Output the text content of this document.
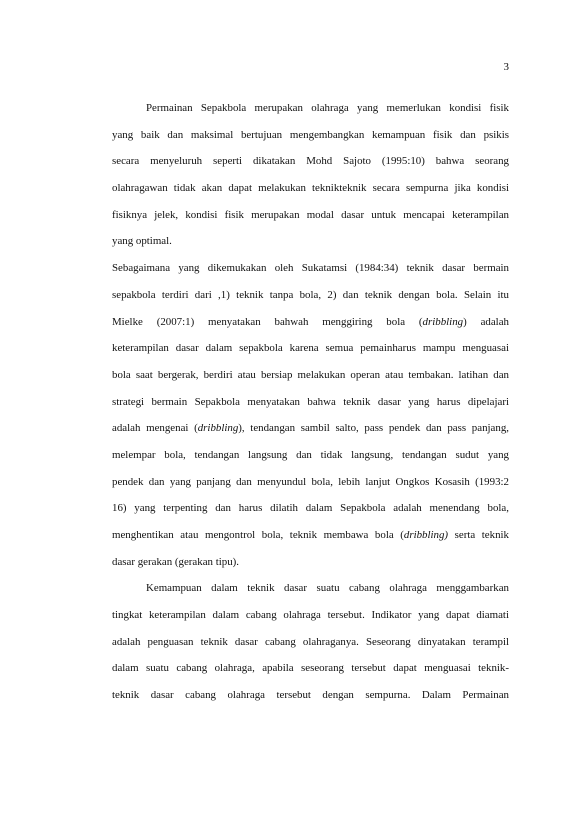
3
Permainan Sepakbola merupakan olahraga yang memerlukan kondisi fisik
yang baik dan maksimal bertujuan mengembangkan kemampuan fisik dan psikis
secara menyeluruh seperti dikatakan Mohd Sajoto (1995:10) bahwa seorang
olahragawan tidak akan dapat melakukan teknikteknik secara sempurna jika kondisi
fisiknya jelek, kondisi fisik merupakan modal dasar untuk mencapai keterampilan
yang optimal.
Sebagaimana yang dikemukakan oleh Sukatamsi (1984:34) teknik dasar bermain
sepakbola terdiri dari ,1) teknik tanpa bola, 2) dan teknik dengan bola. Selain itu
Mielke (2007:1) menyatakan bahwah menggiring bola (dribbling) adalah
keterampilan dasar dalam sepakbola karena semua pemainharus mampu menguasai
bola saat bergerak, berdiri atau bersiap melakukan operan atau tembakan. latihan dan
strategi bermain Sepakbola menyatakan bahwa teknik dasar yang harus dipelajari
adalah mengenai (dribbling), tendangan sambil salto, pass pendek dan pass panjang,
melempar bola, tendangan langsung dan tidak langsung, tendangan sudut yang
pendek dan yang panjang dan menyundul bola, lebih lanjut Ongkos Kosasih (1993:2
16) yang terpenting dan harus dilatih dalam Sepakbola adalah menendang bola,
menghentikan atau mengontrol bola, teknik membawa bola (dribbling) serta teknik
dasar gerakan (gerakan tipu).
Kemampuan dalam teknik dasar suatu cabang olahraga menggambarkan
tingkat keterampilan dalam cabang olahraga tersebut. Indikator yang dapat diamati
adalah penguasan teknik dasar cabang olahraganya. Seseorang dinyatakan terampil
dalam suatu cabang olahraga, apabila seseorang tersebut dapat menguasai teknik-
teknik dasar cabang olahraga tersebut dengan sempurna. Dalam Permainan
